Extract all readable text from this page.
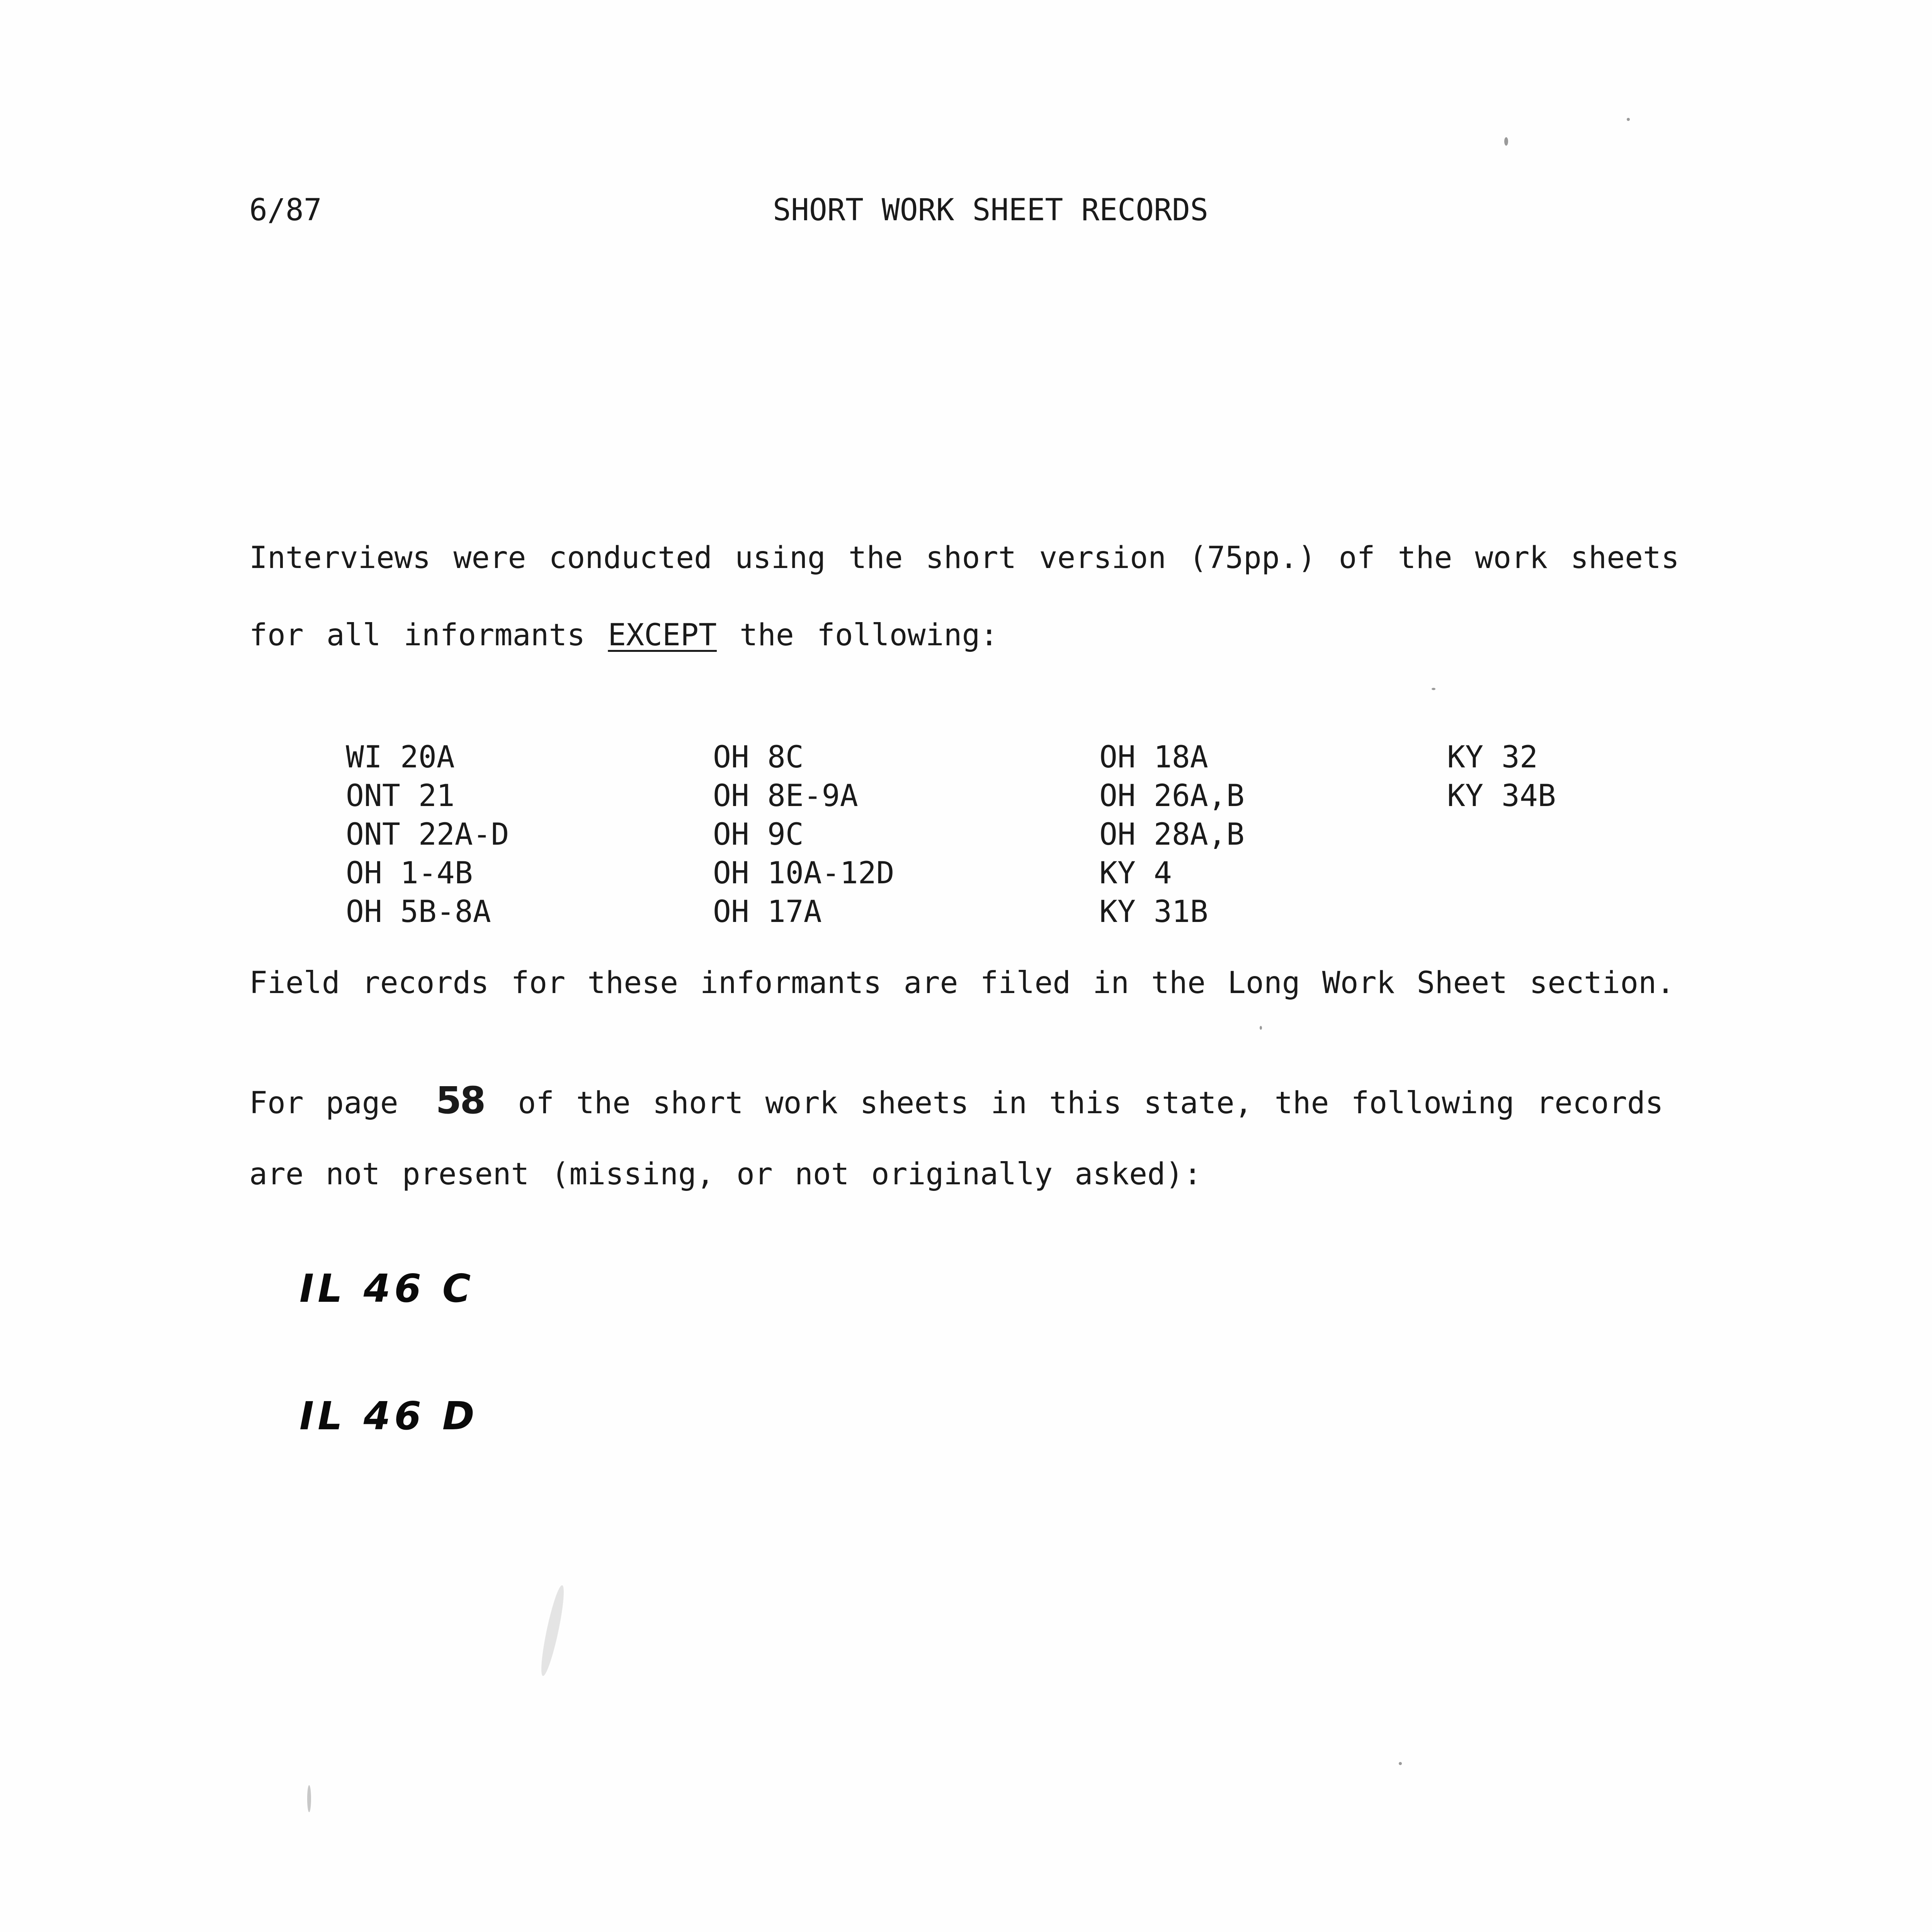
6/87	SHORT WORK SHEET RECORDS
Interviews were conducted using the short version (75pp.) of the work sheets
for all informants EXCEPT the following:
WI 20A
ONT 21
ONT 22A-D
OH 1-4B
OH 5B-8A
OH 8C
OH 8E-9A
OH 9C
OH 10A-12D
OH 17A
OH 18A
OH 26A,B
OH 28A,B
KY 4
KY 31B
KY 32
KY 34B
Field records for these informants are filed in the Long Work Sheet section.
For page 58 of the short work sheets in this state, the following records
are not present (missing, or not originally asked):
IL 46 C
IL 46 D
